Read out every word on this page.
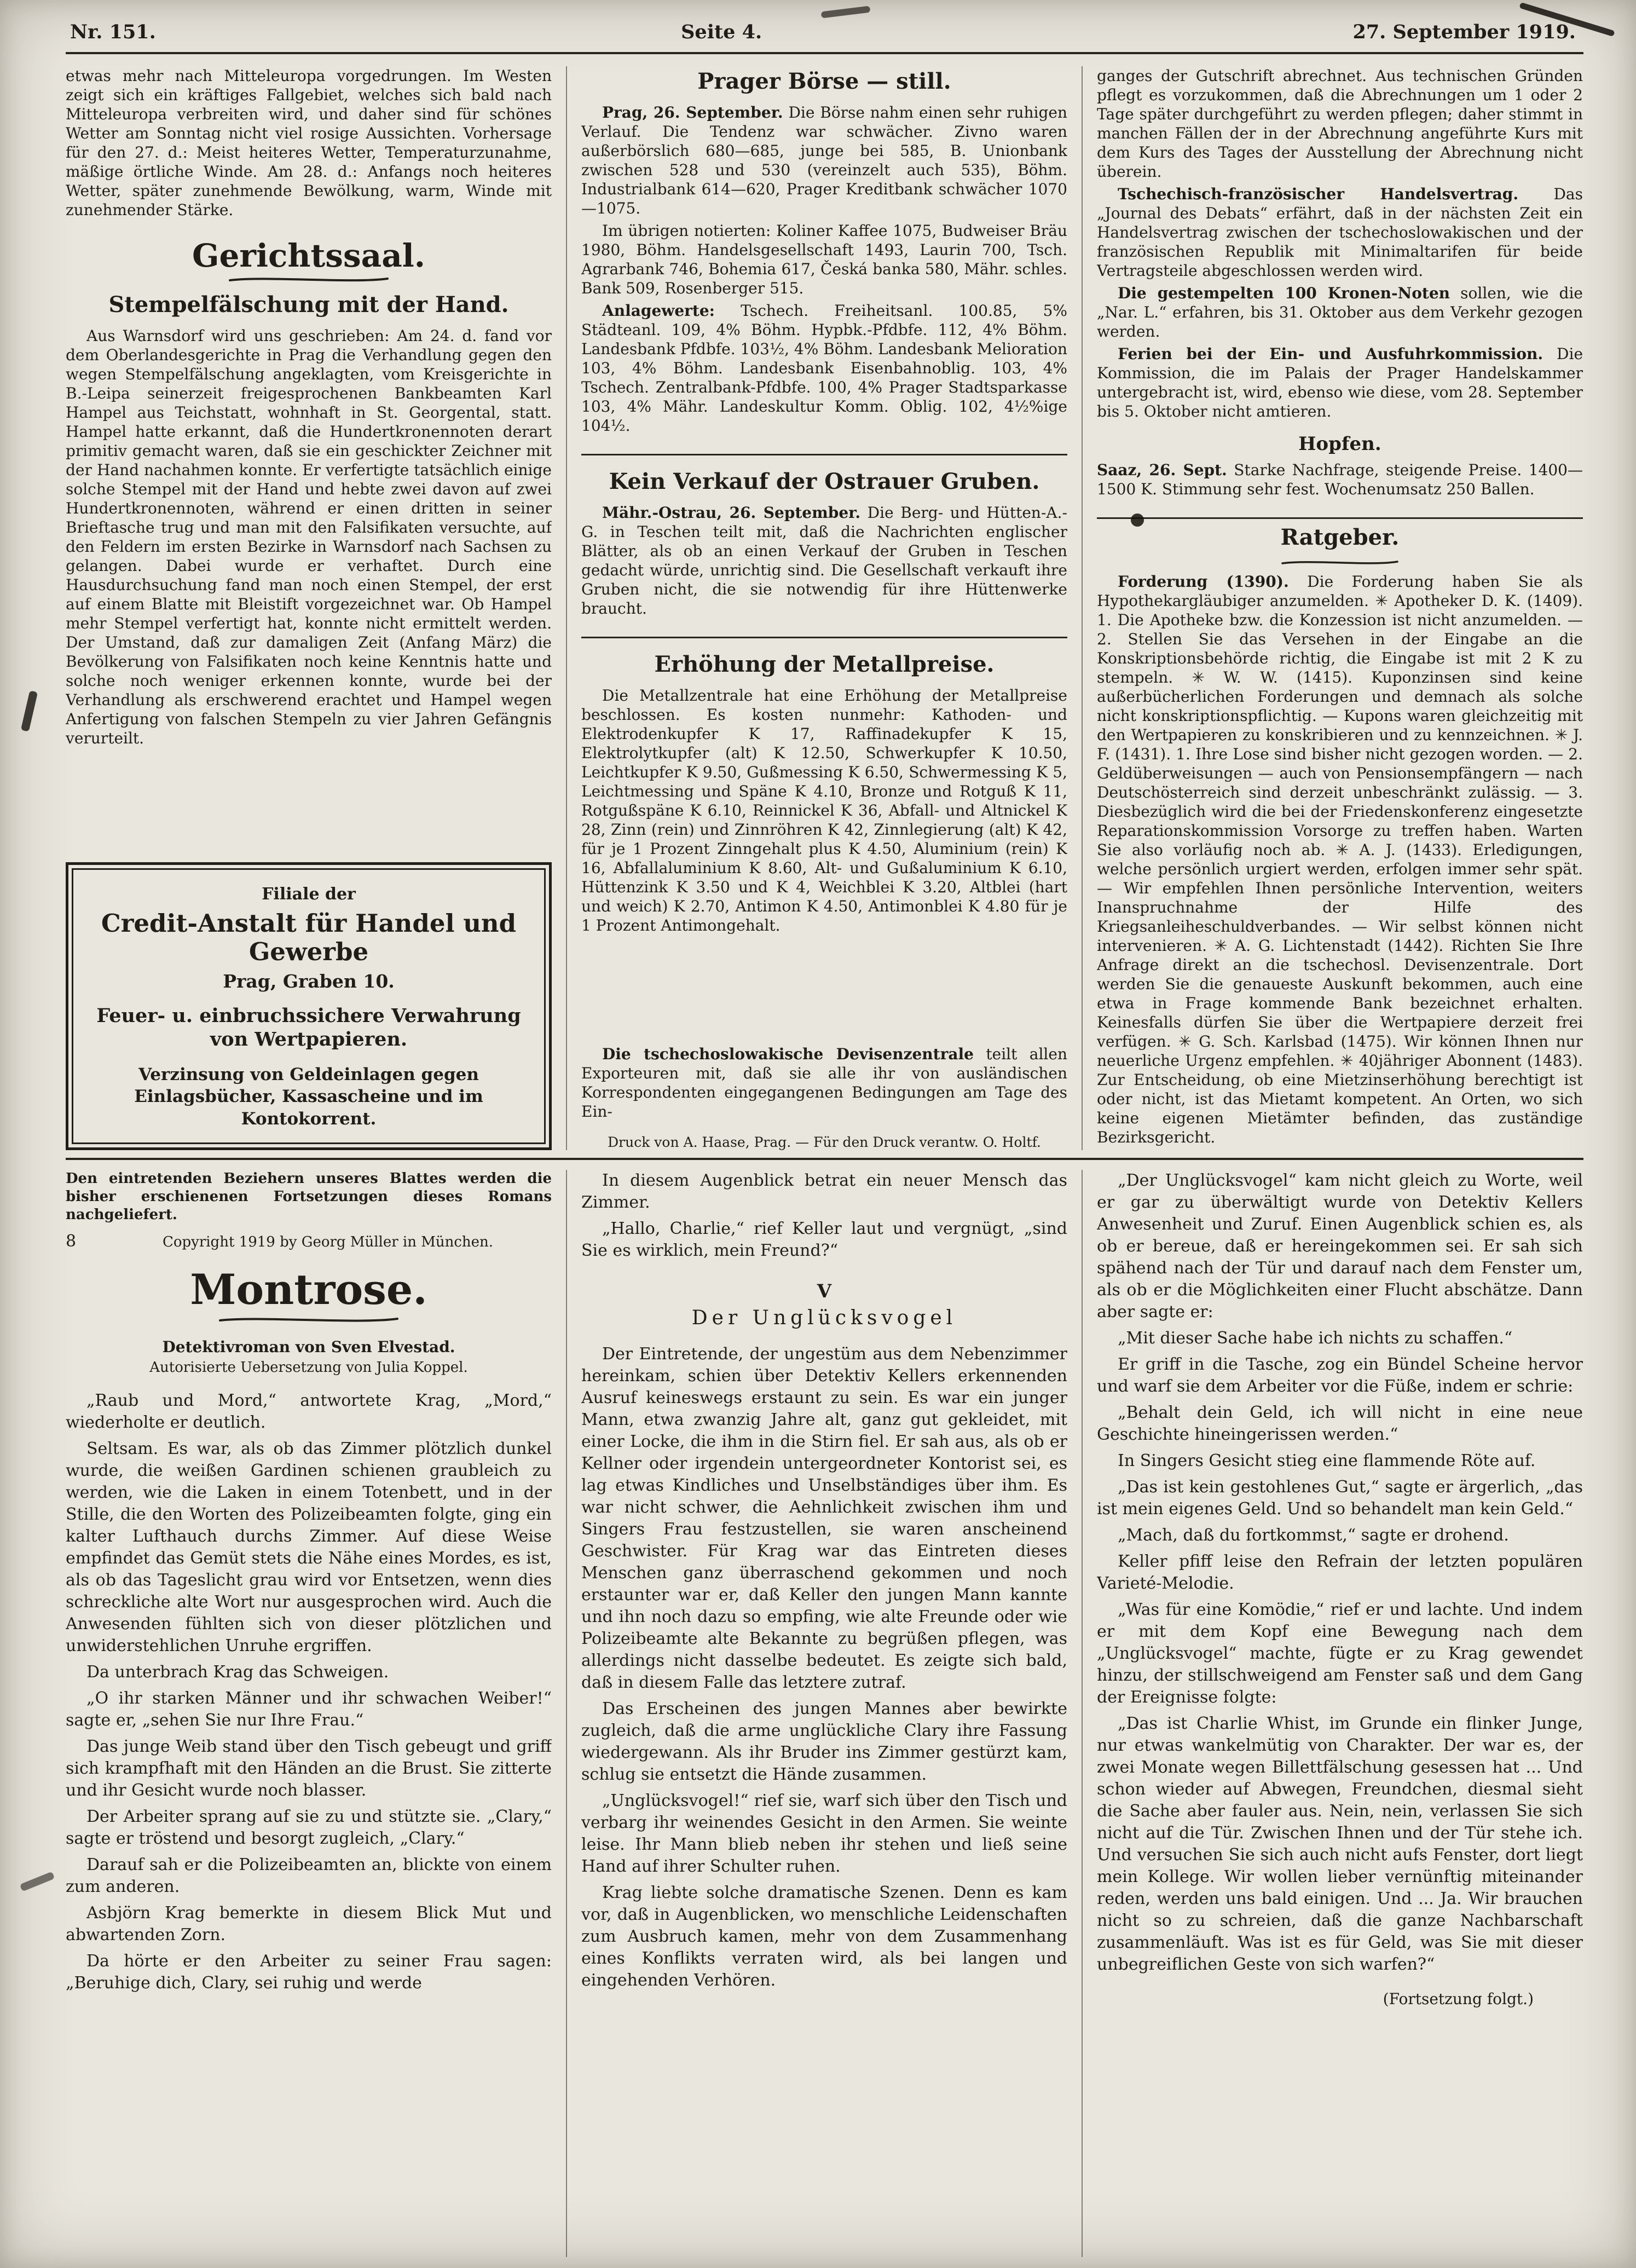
Nr. 151.	Seite 4.	27. September 1919.

etwas mehr nach Mitteleuropa vorgedrungen. Im Westen zeigt sich ein kräftiges Fallgebiet, welches sich bald nach Mitteleuropa verbreiten wird, und daher sind für schönes Wetter am Sonntag nicht viel rosige Aussichten. Vorhersage für den 27. d.: Meist heiteres Wetter, Temperaturzunahme, mäßige örtliche Winde. Am 28. d.: Anfangs noch heiteres Wetter, später zunehmende Bewölkung, warm, Winde mit zunehmender Stärke.

Gerichtssaal.
Stempelfälschung mit der Hand.

Aus Warnsdorf wird uns geschrieben: Am 24. d. fand vor dem Oberlandesgerichte in Prag die Verhandlung gegen den wegen Stempelfälschung angeklagten, vom Kreisgerichte in B.-Leipa seinerzeit freigesprochenen Bankbeamten Karl Hampel aus Teichstatt, wohnhaft in St. Georgental, statt. Hampel hatte erkannt, daß die Hundertkronennoten derart primitiv gemacht waren, daß sie ein geschickter Zeichner mit der Hand nachahmen konnte. Er verfertigte tatsächlich einige solche Stempel mit der Hand und hebte zwei davon auf zwei Hundertkronennoten, während er einen dritten in seiner Brieftasche trug und man mit den Falsifikaten versuchte, auf den Feldern im ersten Bezirke in Warnsdorf nach Sachsen zu gelangen. Dabei wurde er verhaftet. Durch eine Hausdurchsuchung fand man noch einen Stempel, der erst auf einem Blatte mit Bleistift vorgezeichnet war. Ob Hampel mehr Stempel verfertigt hat, konnte nicht ermittelt werden. Der Umstand, daß zur damaligen Zeit (Anfang März) die Bevölkerung von Falsifikaten noch keine Kenntnis hatte und solche noch weniger erkennen konnte, wurde bei der Verhandlung als erschwerend erachtet und Hampel wegen Anfertigung von falschen Stempeln zu vier Jahren Gefängnis verurteilt.

Filiale der
Credit-Anstalt für Handel und Gewerbe
Prag, Graben 10.
Feuer- u. einbruchssichere Verwahrung von Wertpapieren.
Verzinsung von Geldeinlagen gegen Einlagsbücher, Kassascheine und im Kontokorrent.
Prager Börse — still.

Prag, 26. September. Die Börse nahm einen sehr ruhigen Verlauf. Die Tendenz war schwächer. Zivno waren außerbörslich 680—685, junge bei 585, B. Unionbank zwischen 528 und 530 (vereinzelt auch 535), Böhm. Industrialbank 614—620, Prager Kreditbank schwächer 1070—1075.

Im übrigen notierten: Koliner Kaffee 1075, Budweiser Bräu 1980, Böhm. Handelsgesellschaft 1493, Laurin 700, Tsch. Agrarbank 746, Bohemia 617, Česká banka 580, Mähr. schles. Bank 509, Rosenberger 515.

Anlagewerte: Tschech. Freiheitsanl. 100.85, 5% Städteanl. 109, 4% Böhm. Hypbk.-Pfdbfe. 112, 4% Böhm. Landesbank Pfdbfe. 103½, 4% Böhm. Landesbank Melioration 103, 4% Böhm. Landesbank Eisenbahnoblig. 103, 4% Tschech. Zentralbank-Pfdbfe. 100, 4% Prager Stadtsparkasse 103, 4% Mähr. Landeskultur Komm. Oblig. 102, 4½%ige 104½.

Kein Verkauf der Ostrauer Gruben.

Mähr.-Ostrau, 26. September. Die Berg- und Hütten-A.-G. in Teschen teilt mit, daß die Nachrichten englischer Blätter, als ob an einen Verkauf der Gruben in Teschen gedacht würde, unrichtig sind. Die Gesellschaft verkauft ihre Gruben nicht, die sie notwendig für ihre Hüttenwerke braucht.

Erhöhung der Metallpreise.

Die Metallzentrale hat eine Erhöhung der Metallpreise beschlossen. Es kosten nunmehr: Kathoden- und Elektrodenkupfer K 17, Raffinadekupfer K 15, Elektrolytkupfer (alt) K 12.50, Schwerkupfer K 10.50, Leichtkupfer K 9.50, Gußmessing K 6.50, Schwermessing K 5, Leichtmessing und Späne K 4.10, Bronze und Rotguß K 11, Rotgußspäne K 6.10, Reinnickel K 36, Abfall- und Altnickel K 28, Zinn (rein) und Zinnröhren K 42, Zinnlegierung (alt) K 42, für je 1 Prozent Zinngehalt plus K 4.50, Aluminium (rein) K 16, Abfallaluminium K 8.60, Alt- und Gußaluminium K 6.10, Hüttenzink K 3.50 und K 4, Weichblei K 3.20, Altblei (hart und weich) K 2.70, Antimon K 4.50, Antimonblei K 4.80 für je 1 Prozent Antimongehalt.

Die tschechoslowakische Devisenzentrale teilt allen Exporteuren mit, daß sie alle ihr von ausländischen Korrespondenten eingegangenen Bedingungen am Tage des Ein-

Druck von A. Haase, Prag. — Für den Druck verantw. O. Holtf.

ganges der Gutschrift abrechnet. Aus technischen Gründen pflegt es vorzukommen, daß die Abrechnungen um 1 oder 2 Tage später durchgeführt zu werden pflegen; daher stimmt in manchen Fällen der in der Abrechnung angeführte Kurs mit dem Kurs des Tages der Ausstellung der Abrechnung nicht überein.

Tschechisch-französischer Handelsvertrag. Das „Journal des Debats“ erfährt, daß in der nächsten Zeit ein Handelsvertrag zwischen der tschechoslowakischen und der französischen Republik mit Minimaltarifen für beide Vertragsteile abgeschlossen werden wird.

Die gestempelten 100 Kronen-Noten sollen, wie die „Nar. L.“ erfahren, bis 31. Oktober aus dem Verkehr gezogen werden.

Ferien bei der Ein- und Ausfuhrkommission. Die Kommission, die im Palais der Prager Handelskammer untergebracht ist, wird, ebenso wie diese, vom 28. September bis 5. Oktober nicht amtieren.

Hopfen.

Saaz, 26. Sept. Starke Nachfrage, steigende Preise. 1400—1500 K. Stimmung sehr fest. Wochenumsatz 250 Ballen.

Ratgeber.

Forderung (1390). Die Forderung haben Sie als Hypothekargläubiger anzumelden. ✳ Apotheker D. K. (1409). 1. Die Apotheke bzw. die Konzession ist nicht anzumelden. — 2. Stellen Sie das Versehen in der Eingabe an die Konskriptionsbehörde richtig, die Eingabe ist mit 2 K zu stempeln. ✳ W. W. (1415). Kuponzinsen sind keine außerbücherlichen Forderungen und demnach als solche nicht konskriptionspflichtig. — Kupons waren gleichzeitig mit den Wertpapieren zu konskribieren und zu kennzeichnen. ✳ J. F. (1431). 1. Ihre Lose sind bisher nicht gezogen worden. — 2. Geldüberweisungen — auch von Pensionsempfängern — nach Deutschösterreich sind derzeit unbeschränkt zulässig. — 3. Diesbezüglich wird die bei der Friedenskonferenz eingesetzte Reparationskommission Vorsorge zu treffen haben. Warten Sie also vorläufig noch ab. ✳ A. J. (1433). Erledigungen, welche persönlich urgiert werden, erfolgen immer sehr spät. — Wir empfehlen Ihnen persönliche Intervention, weiters Inanspruchnahme der Hilfe des Kriegsanleiheschuldverbandes. — Wir selbst können nicht intervenieren. ✳ A. G. Lichtenstadt (1442). Richten Sie Ihre Anfrage direkt an die tschechosl. Devisenzentrale. Dort werden Sie die genaueste Auskunft bekommen, auch eine etwa in Frage kommende Bank bezeichnet erhalten. Keinesfalls dürfen Sie über die Wertpapiere derzeit frei verfügen. ✳ G. Sch. Karlsbad (1475). Wir können Ihnen nur neuerliche Urgenz empfehlen. ✳ 40jähriger Abonnent (1483). Zur Entscheidung, ob eine Mietzinserhöhung berechtigt ist oder nicht, ist das Mietamt kompetent. An Orten, wo sich keine eigenen Mietämter befinden, das zuständige Bezirksgericht.

Den eintretenden Beziehern unseres Blattes werden die bisher erschienenen Fortsetzungen dieses Romans nachgeliefert.

8	Copyright 1919 by Georg Müller in München.
Montrose.
Detektivroman von Sven Elvestad.
Autorisierte Uebersetzung von Julia Koppel.

„Raub und Mord,“ antwortete Krag, „Mord,“ wiederholte er deutlich.

Seltsam. Es war, als ob das Zimmer plötzlich dunkel wurde, die weißen Gardinen schienen graubleich zu werden, wie die Laken in einem Totenbett, und in der Stille, die den Worten des Polizeibeamten folgte, ging ein kalter Lufthauch durchs Zimmer. Auf diese Weise empfindet das Gemüt stets die Nähe eines Mordes, es ist, als ob das Tageslicht grau wird vor Entsetzen, wenn dies schreckliche alte Wort nur ausgesprochen wird. Auch die Anwesenden fühlten sich von dieser plötzlichen und unwiderstehlichen Unruhe ergriffen.

Da unterbrach Krag das Schweigen.

„O ihr starken Männer und ihr schwachen Weiber!“ sagte er, „sehen Sie nur Ihre Frau.“

Das junge Weib stand über den Tisch gebeugt und griff sich krampfhaft mit den Händen an die Brust. Sie zitterte und ihr Gesicht wurde noch blasser.

Der Arbeiter sprang auf sie zu und stützte sie. „Clary,“ sagte er tröstend und besorgt zugleich, „Clary.“

Darauf sah er die Polizeibeamten an, blickte von einem zum anderen.

Asbjörn Krag bemerkte in diesem Blick Mut und abwartenden Zorn.

Da hörte er den Arbeiter zu seiner Frau sagen: „Beruhige dich, Clary, sei ruhig und werde

In diesem Augenblick betrat ein neuer Mensch das Zimmer.

„Hallo, Charlie,“ rief Keller laut und vergnügt, „sind Sie es wirklich, mein Freund?“

V
Der Unglücksvogel

Der Eintretende, der ungestüm aus dem Nebenzimmer hereinkam, schien über Detektiv Kellers erkennenden Ausruf keineswegs erstaunt zu sein. Es war ein junger Mann, etwa zwanzig Jahre alt, ganz gut gekleidet, mit einer Locke, die ihm in die Stirn fiel. Er sah aus, als ob er Kellner oder irgendein untergeordneter Kontorist sei, es lag etwas Kindliches und Unselbständiges über ihm. Es war nicht schwer, die Aehnlichkeit zwischen ihm und Singers Frau festzustellen, sie waren anscheinend Geschwister. Für Krag war das Eintreten dieses Menschen ganz überraschend gekommen und noch erstaunter war er, daß Keller den jungen Mann kannte und ihn noch dazu so empfing, wie alte Freunde oder wie Polizeibeamte alte Bekannte zu begrüßen pflegen, was allerdings nicht dasselbe bedeutet. Es zeigte sich bald, daß in diesem Falle das letztere zutraf.

Das Erscheinen des jungen Mannes aber bewirkte zugleich, daß die arme unglückliche Clary ihre Fassung wiedergewann. Als ihr Bruder ins Zimmer gestürzt kam, schlug sie entsetzt die Hände zusammen.

„Unglücksvogel!“ rief sie, warf sich über den Tisch und verbarg ihr weinendes Gesicht in den Armen. Sie weinte leise. Ihr Mann blieb neben ihr stehen und ließ seine Hand auf ihrer Schulter ruhen.

Krag liebte solche dramatische Szenen. Denn es kam vor, daß in Augenblicken, wo menschliche Leidenschaften zum Ausbruch kamen, mehr von dem Zusammenhang eines Konflikts verraten wird, als bei langen und eingehenden Verhören.

„Der Unglücksvogel“ kam nicht gleich zu Worte, weil er gar zu überwältigt wurde von Detektiv Kellers Anwesenheit und Zuruf. Einen Augenblick schien es, als ob er bereue, daß er hereingekommen sei. Er sah sich spähend nach der Tür und darauf nach dem Fenster um, als ob er die Möglichkeiten einer Flucht abschätze. Dann aber sagte er:

„Mit dieser Sache habe ich nichts zu schaffen.“

Er griff in die Tasche, zog ein Bündel Scheine hervor und warf sie dem Arbeiter vor die Füße, indem er schrie:

„Behalt dein Geld, ich will nicht in eine neue Geschichte hineingerissen werden.“

In Singers Gesicht stieg eine flammende Röte auf.

„Das ist kein gestohlenes Gut,“ sagte er ärgerlich, „das ist mein eigenes Geld. Und so behandelt man kein Geld.“

„Mach, daß du fortkommst,“ sagte er drohend.

Keller pfiff leise den Refrain der letzten populären Varieté-Melodie.

„Was für eine Komödie,“ rief er und lachte. Und indem er mit dem Kopf eine Bewegung nach dem „Unglücksvogel“ machte, fügte er zu Krag gewendet hinzu, der stillschweigend am Fenster saß und dem Gang der Ereignisse folgte:

„Das ist Charlie Whist, im Grunde ein flinker Junge, nur etwas wankelmütig von Charakter. Der war es, der zwei Monate wegen Billettfälschung gesessen hat ... Und schon wieder auf Abwegen, Freundchen, diesmal sieht die Sache aber fauler aus. Nein, nein, verlassen Sie sich nicht auf die Tür. Zwischen Ihnen und der Tür stehe ich. Und versuchen Sie sich auch nicht aufs Fenster, dort liegt mein Kollege. Wir wollen lieber vernünftig miteinander reden, werden uns bald einigen. Und ... Ja. Wir brauchen nicht so zu schreien, daß die ganze Nachbarschaft zusammenläuft. Was ist es für Geld, was Sie mit dieser unbegreiflichen Geste von sich warfen?“

(Fortsetzung folgt.)
